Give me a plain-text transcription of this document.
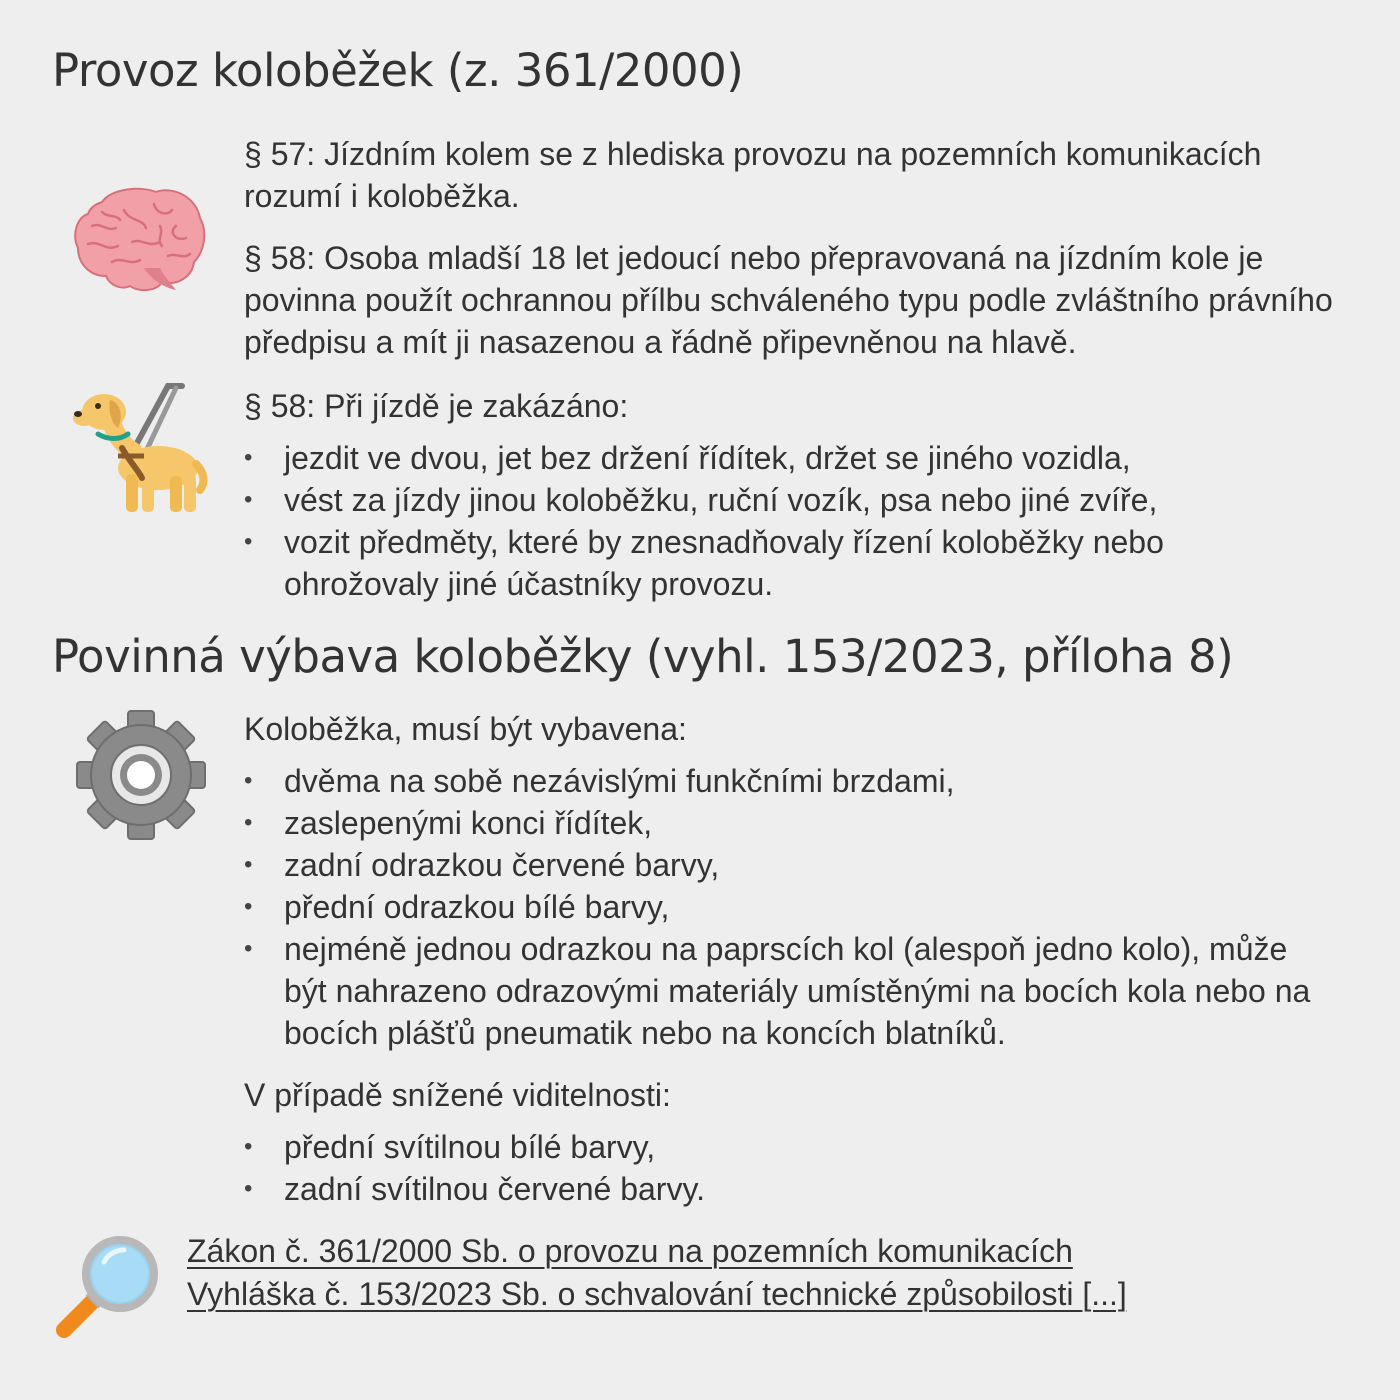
Provoz koloběžek (z. 361/2000)

§ 57: Jízdním kolem se z hlediska provozu na pozemních komunikacích rozumí i koloběžka.

§ 58: Osoba mladší 18 let jedoucí nebo přepravovaná na jízdním kole je povinna použít ochrannou přílbu schváleného typu podle zvláštního právního předpisu a mít ji nasazenou a řádně připevněnou na hlavě.

§ 58: Při jízdě je zakázáno:

• jezdit ve dvou, jet bez držení řídítek, držet se jiného vozidla,
• vést za jízdy jinou koloběžku, ruční vozík, psa nebo jiné zvíře,
• vozit předměty, které by znesnadňovaly řízení koloběžky nebo ohrožovaly jiné účastníky provozu.
Povinná výbava koloběžky (vyhl. 153/2023, příloha 8)

Koloběžka, musí být vybavena:

• dvěma na sobě nezávislými funkčními brzdami,
• zaslepenými konci řídítek,
• zadní odrazkou červené barvy,
• přední odrazkou bílé barvy,
• nejméně jednou odrazkou na paprscích kol (alespoň jedno kolo), může být nahrazeno odrazovými materiály umístěnými na bocích kola nebo na bocích plášťů pneumatik nebo na koncích blatníků.

V případě snížené viditelnosti:

• přední svítilnou bílé barvy,
• zadní svítilnou červené barvy.
Zákon č. 361/2000 Sb. o provozu na pozemních komunikacích
Vyhláška č. 153/2023 Sb. o schvalování technické způsobilosti [...]
